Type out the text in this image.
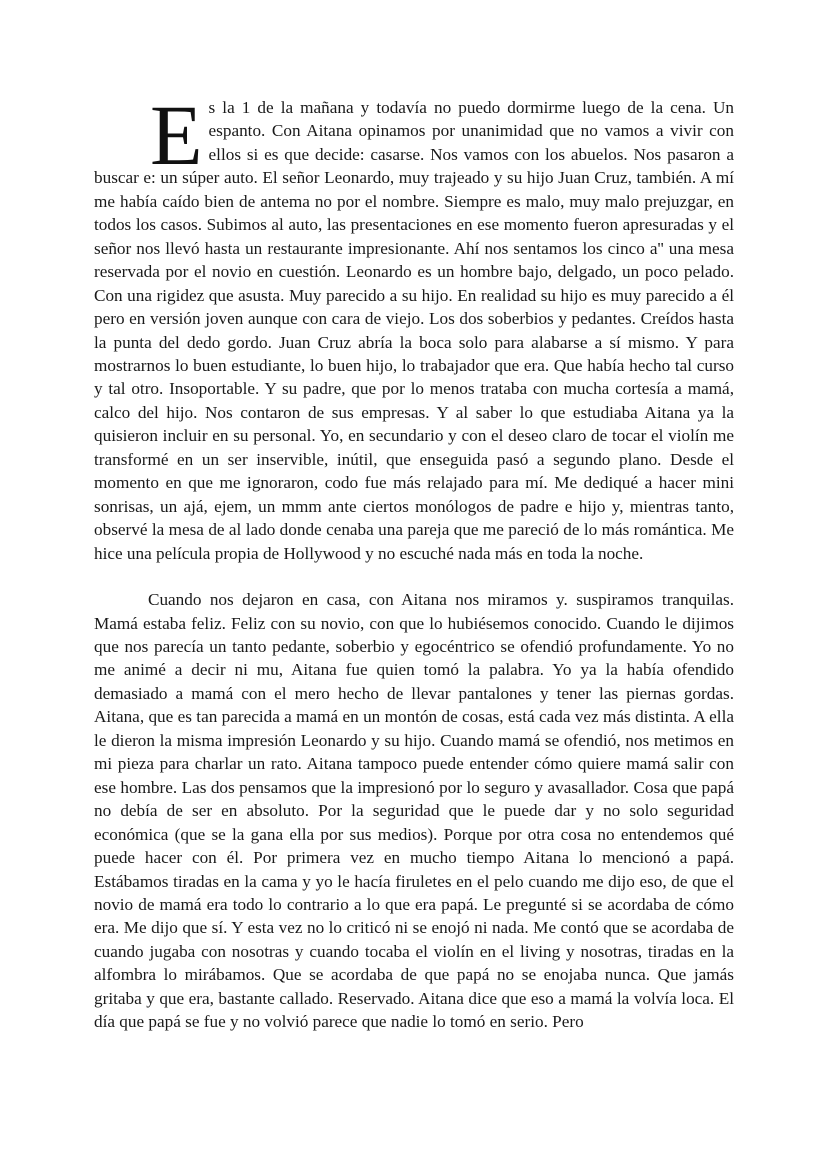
Es la 1 de la mañana y todavía no puedo dormirme luego de la cena. Un espanto. Con Aitana opinamos por unanimidad que no vamos a vivir con ellos si es que decide: casarse. Nos vamos con los abuelos. Nos pasaron a buscar e: un súper auto. El señor Leonardo, muy trajeado y su hijo Juan Cruz, también. A mí me había caído bien de antema no por el nombre. Siempre es malo, muy malo prejuzgar, en todos los casos. Subimos al auto, las presentaciones en ese momento fueron apresuradas y el señor nos llevó hasta un restaurante impresionante. Ahí nos sentamos los cinco a'' una mesa reservada por el novio en cuestión. Leonardo es un hombre bajo, delgado, un poco pelado. Con una rigidez que asusta. Muy parecido a su hijo. En realidad su hijo es muy parecido a él pero en versión joven aunque con cara de viejo. Los dos soberbios y pedantes. Creídos hasta la punta del dedo gordo. Juan Cruz abría la boca solo para alabarse a sí mismo. Y para mostrarnos lo buen estudiante, lo buen hijo, lo trabajador que era. Que había hecho tal curso y tal otro. Insoportable. Y su padre, que por lo menos trataba con mucha cortesía a mamá, calco del hijo. Nos contaron de sus empresas. Y al saber lo que estudiaba Aitana ya la quisieron incluir en su personal. Yo, en secundario y con el deseo claro de tocar el violín me transformé en un ser inservible, inútil, que enseguida pasó a segundo plano. Desde el momento en que me ignoraron, codo fue más relajado para mí. Me dediqué a hacer mini sonrisas, un ajá, ejem, un mmm ante ciertos monólogos de padre e hijo y, mientras tanto, observé la mesa de al lado donde cenaba una pareja que me pareció de lo más romántica. Me hice una película propia de Hollywood y no escuché nada más en toda la noche.

Cuando nos dejaron en casa, con Aitana nos miramos y. suspiramos tranquilas. Mamá estaba feliz. Feliz con su novio, con que lo hubiésemos conocido. Cuando le dijimos que nos parecía un tanto pedante, soberbio y egocéntrico se ofendió profundamente. Yo no me animé a decir ni mu, Aitana fue quien tomó la palabra. Yo ya la había ofendido demasiado a mamá con el mero hecho de llevar pantalones y tener las piernas gordas. Aitana, que es tan parecida a mamá en un montón de cosas, está cada vez más distinta. A ella le dieron la misma impresión Leonardo y su hijo. Cuando mamá se ofendió, nos metimos en mi pieza para charlar un rato. Aitana tampoco puede entender cómo quiere mamá salir con ese hombre. Las dos pensamos que la impresionó por lo seguro y avasallador. Cosa que papá no debía de ser en absoluto. Por la seguridad que le puede dar y no solo seguridad económica (que se la gana ella por sus medios). Porque por otra cosa no entendemos qué puede hacer con él. Por primera vez en mucho tiempo Aitana lo mencionó a papá. Estábamos tiradas en la cama y yo le hacía firuletes en el pelo cuando me dijo eso, de que el novio de mamá era todo lo contrario a lo que era papá. Le pregunté si se acordaba de cómo era. Me dijo que sí. Y esta vez no lo criticó ni se enojó ni nada. Me contó que se acordaba de cuando jugaba con nosotras y cuando tocaba el violín en el living y nosotras, tiradas en la alfombra lo mirábamos. Que se acordaba de que papá no se enojaba nunca. Que jamás gritaba y que era, bastante callado. Reservado. Aitana dice que eso a mamá la volvía loca. El día que papá se fue y no volvió parece que nadie lo tomó en serio. Pero
